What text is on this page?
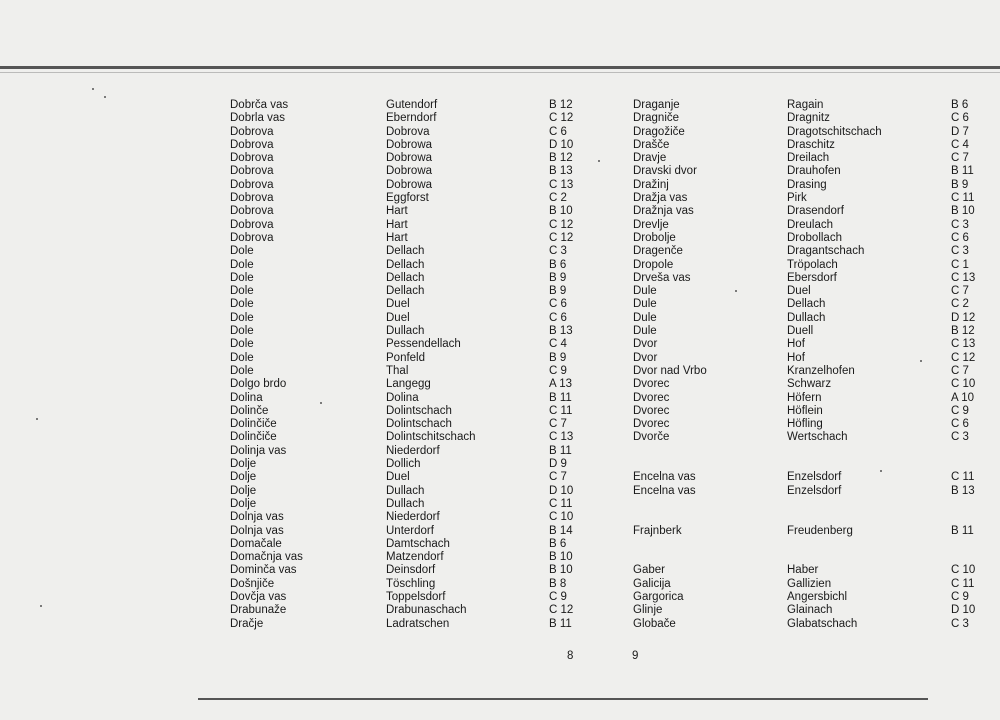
Dobrča vas	Gutendorf	B 12
Dobrla vas	Eberndorf	C 12
Dobrova	Dobrova	C 6
Dobrova	Dobrowa	D 10
Dobrova	Dobrowa	B 12
Dobrova	Dobrowa	B 13
Dobrova	Dobrowa	C 13
Dobrova	Eggforst	C 2
Dobrova	Hart	B 10
Dobrova	Hart	C 12
Dobrova	Hart	C 12
Dole	Dellach	C 3
Dole	Dellach	B 6
Dole	Dellach	B 9
Dole	Dellach	B 9
Dole	Duel	C 6
Dole	Duel	C 6
Dole	Dullach	B 13
Dole	Pessendellach	C 4
Dole	Ponfeld	B 9
Dole	Thal	C 9
Dolgo brdo	Langegg	A 13
Dolina	Dolina	B 11
Dolinče	Dolintschach	C 11
Dolinčiče	Dolintschach	C 7
Dolinčiče	Dolintschitschach	C 13
Dolinja vas	Niederdorf	B 11
Dolje	Dollich	D 9
Dolje	Duel	C 7
Dolje	Dullach	D 10
Dolje	Dullach	C 11
Dolnja vas	Niederdorf	C 10
Dolnja vas	Unterdorf	B 14
Domačale	Damtschach	B 6
Domačnja vas	Matzendorf	B 10
Dominča vas	Deinsdorf	B 10
Došnjiče	Töschling	B 8
Dovčja vas	Toppelsdorf	C 9
Drabunaže	Drabunaschach	C 12
Dračje	Ladratschen	B 11
Draganje	Ragain	B 6
Dragniče	Dragnitz	C 6
Dragožiče	Dragotschitschach	D 7
Drašče	Draschitz	C 4
Dravje	Dreilach	C 7
Dravski dvor	Drauhofen	B 11
Dražinj	Drasing	B 9
Dražja vas	Pirk	C 11
Dražnja vas	Drasendorf	B 10
Drevlje	Dreulach	C 3
Drobolje	Drobollach	C 6
Dragenče	Dragantschach	C 3
Dropole	Tröpolach	C 1
Drveša vas	Ebersdorf	C 13
Dule	Duel	C 7
Dule	Dellach	C 2
Dule	Dullach	D 12
Dule	Duell	B 12
Dvor	Hof	C 13
Dvor	Hof	C 12
Dvor nad Vrbo	Kranzelhofen	C 7
Dvorec	Schwarz	C 10
Dvorec	Höfern	A 10
Dvorec	Höflein	C 9
Dvorec	Höfling	C 6
Dvorče	Wertschach	C 3
Encelna vas	Enzelsdorf	C 11
Encelna vas	Enzelsdorf	B 13
Frajnberk	Freudenberg	B 11
Gaber	Haber	C 10
Galicija	Gallizien	C 11
Gargorica	Angersbichl	C 9
Glinje	Glainach	D 10
Globače	Glabatschach	C 3
8	9
